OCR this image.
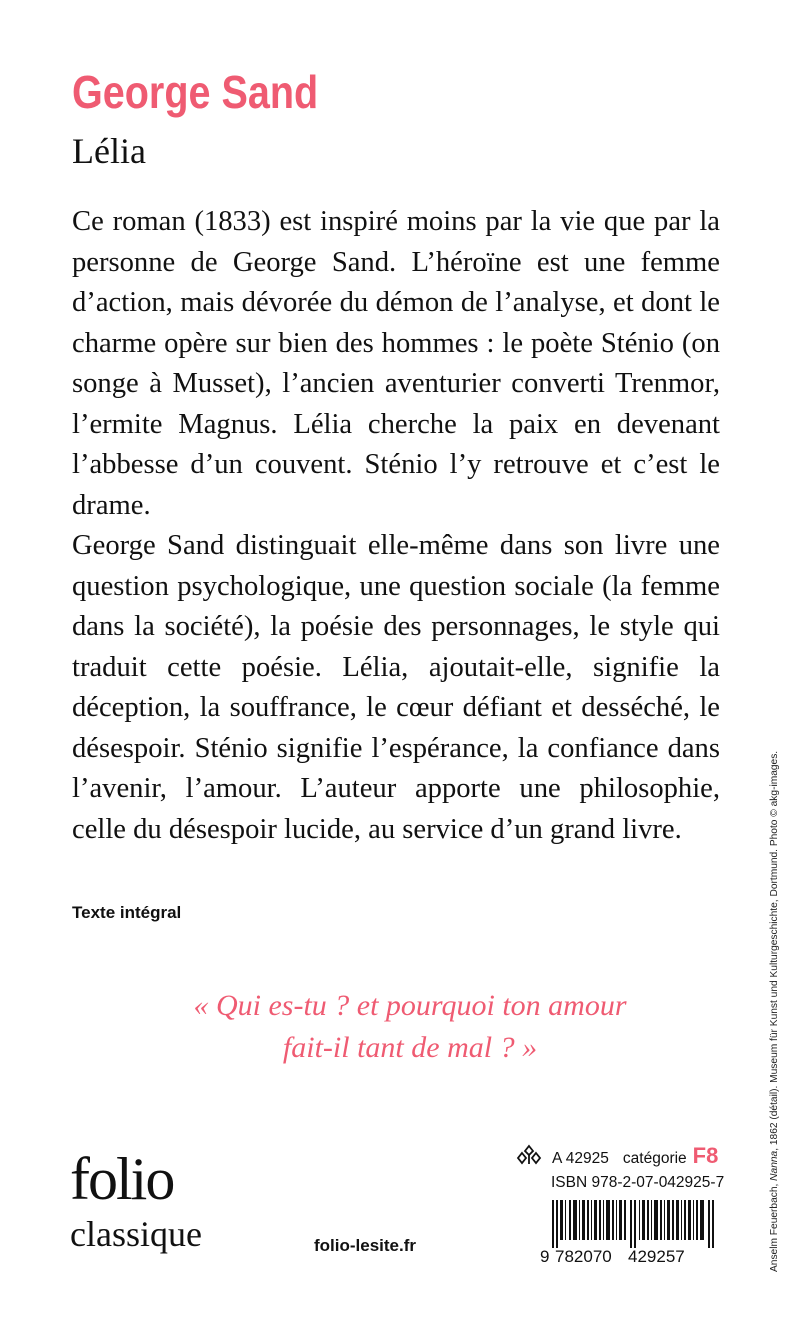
George Sand
Lélia

Ce roman (1833) est inspiré moins par la vie que par la personne de George Sand. L’héroïne est une femme d’action, mais dévorée du démon de l’analyse, et dont le charme opère sur bien des hommes : le poète Sténio (on songe à Musset), l’ancien aventurier converti Trenmor, l’ermite Magnus. Lélia cherche la paix en devenant l’abbesse d’un couvent. Sténio l’y retrouve et c’est le drame.

George Sand distinguait elle-même dans son livre une question psychologique, une question sociale (la femme dans la société), la poésie des personnages, le style qui traduit cette poésie. Lélia, ajoutait-elle, signifie la déception, la souffrance, le cœur défiant et desséché, le désespoir. Sténio signifie l’espérance, la confiance dans l’avenir, l’amour. L’auteur apporte une philosophie, celle du désespoir lucide, au service d’un grand livre.

Texte intégral
« Qui es-tu ? et pourquoi ton amour
fait-il tant de mal ? »
folio
classique	folio-lesite.fr
A 42925 catégorie F8
ISBN 978-2-07-042925-7
9 782070 429257	Anselm Feuerbach, Nanna, 1862 (détail). Museum für Kunst und Kulturgeschichte, Dortmund. Photo © akg-images.
